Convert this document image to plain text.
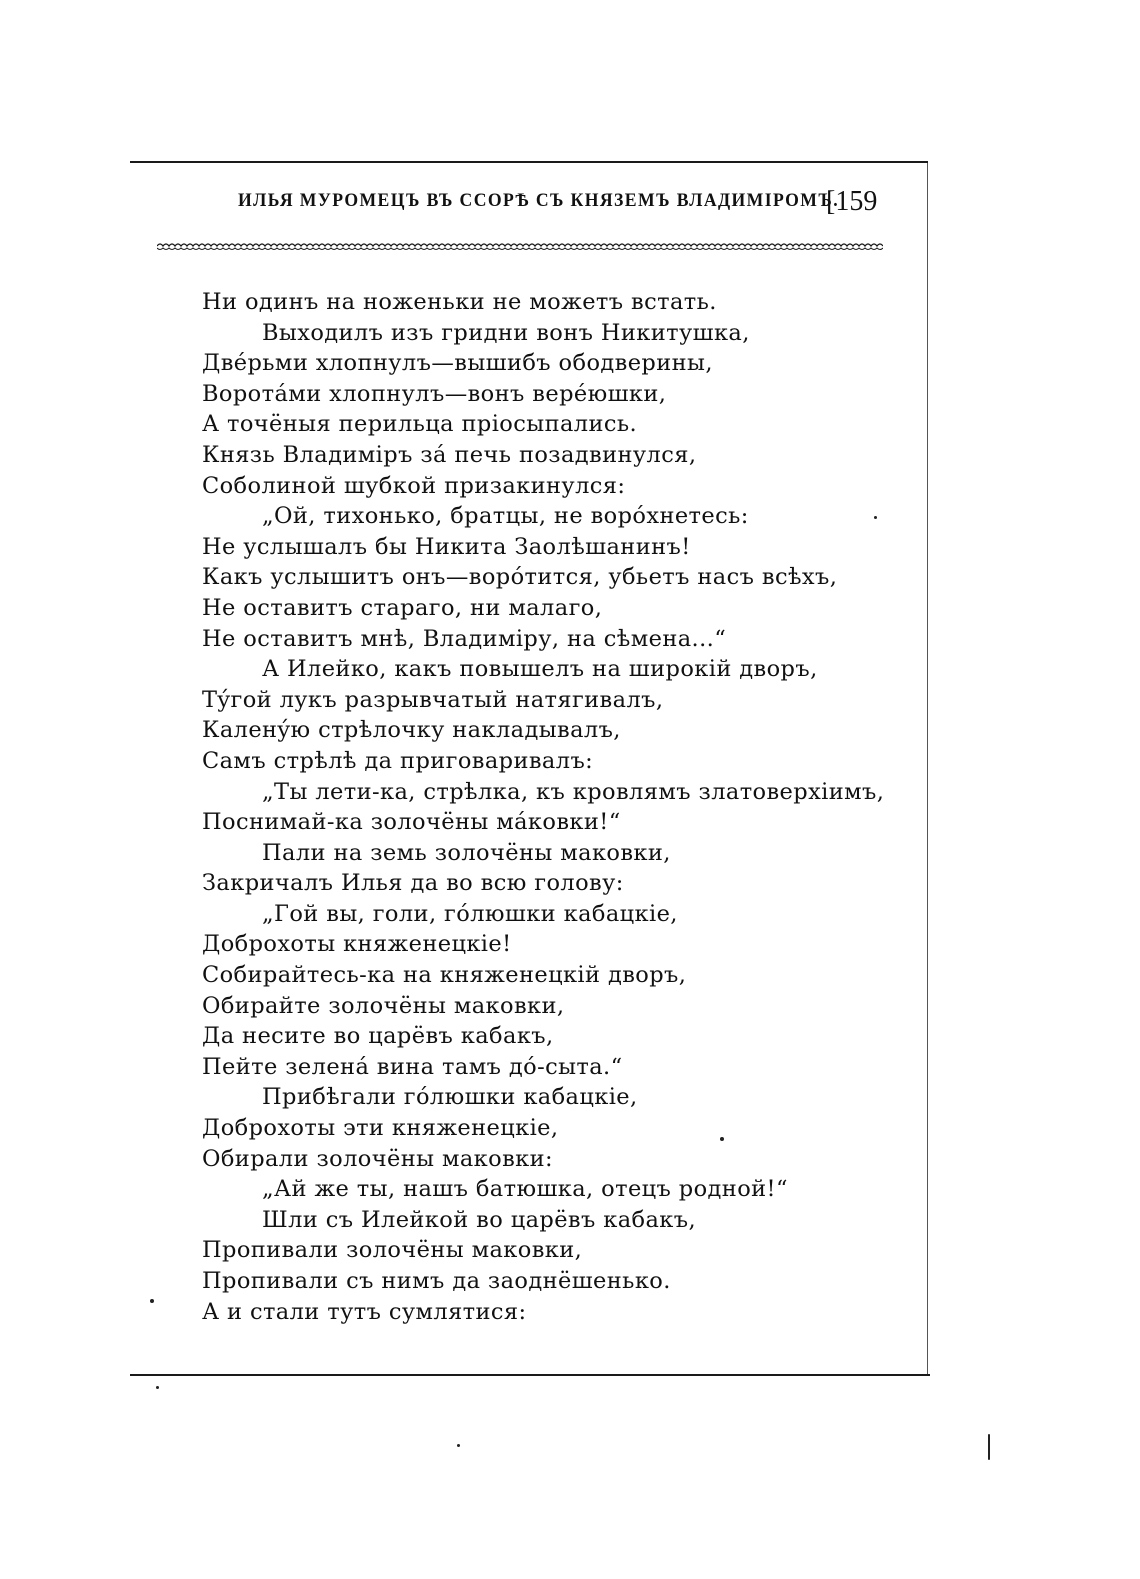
ИЛЬЯ МУРОМЕЦЪ ВЪ ССОРѢ СЪ КНЯЗЕМЪ ВЛАДИМІРОМЪ.
[159
Ни одинъ на ноженьки не можетъ встать.
Выходилъ изъ гридни вонъ Никитушка,
Двéрьми хлопнулъ—вышибъ ободверины,
Воротáми хлопнулъ—вонъ верéюшки,
А точёныя перильца пріосыпались.
Князь Владиміръ зá печь позадвинулся,
Соболиной шубкой призакинулся:
„Ой, тихонько, братцы, не ворóхнетесь:
Не услышалъ бы Никита Заолѣшанинъ!
Какъ услышитъ онъ—ворóтится, убьетъ насъ всѣхъ,
Не оставитъ стараго, ни малаго,
Не оставитъ мнѣ, Владиміру, на сѣмена...“
А Илейко, какъ повышелъ на широкій дворъ,
Тýгой лукъ разрывчатый натягивалъ,
Каленýю стрѣлочку накладывалъ,
Самъ стрѣлѣ да приговаривалъ:
„Ты лети-ка, стрѣлка, къ кровлямъ златоверхіимъ,
Поснимай-ка золочёны мáковки!“
Пали на земь золочёны маковки,
Закричалъ Илья да во всю голову:
„Гой вы, голи, гóлюшки кабацкіе,
Доброхоты княженецкіе!
Собирайтесь-ка на княженецкій дворъ,
Обирайте золочёны маковки,
Да несите во царёвъ кабакъ,
Пейте зеленá вина тамъ дó-сыта.“
Прибѣгали гóлюшки кабацкіе,
Доброхоты эти княженецкіе,
Обирали золочёны маковки:
„Ай же ты, нашъ батюшка, отецъ родной!“
Шли съ Илейкой во царёвъ кабакъ,
Пропивали золочёны маковки,
Пропивали съ нимъ да заоднёшенько.
А и стали тутъ сумлятися:
